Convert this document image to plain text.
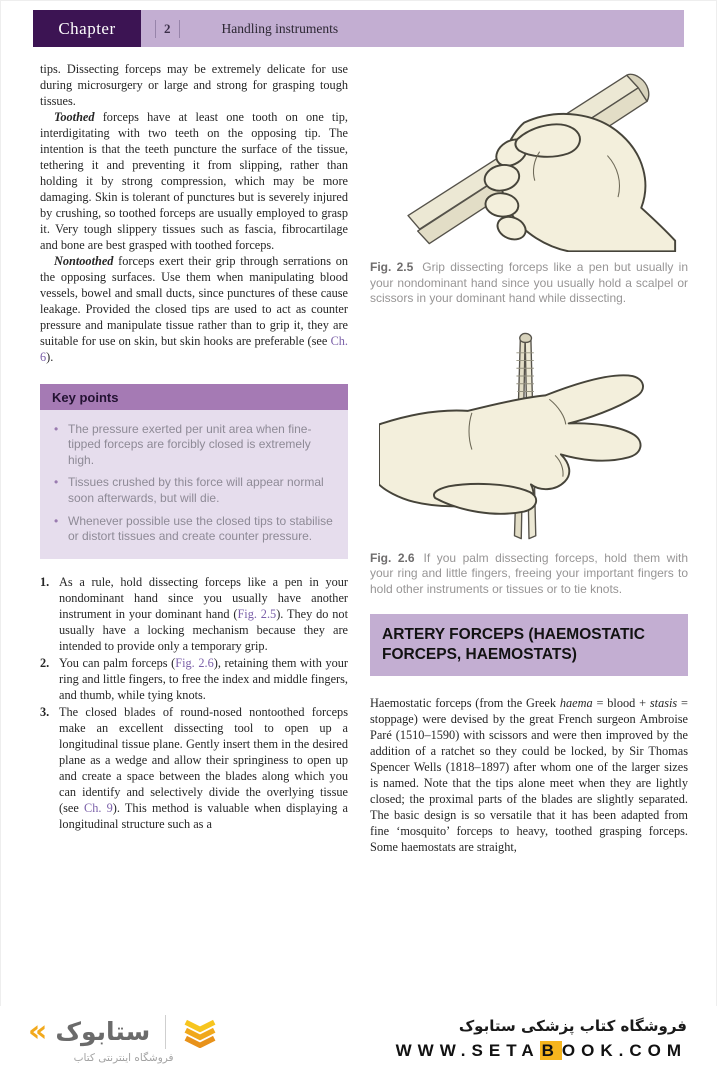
Chapter	2	Handling instruments

tips. Dissecting forceps may be extremely delicate for use during microsurgery or large and strong for grasping tough tissues.

Toothed forceps have at least one tooth on one tip, interdigitating with two teeth on the opposing tip. The intention is that the teeth puncture the surface of the tissue, tethering it and preventing it from slipping, rather than holding it by strong compression, which may be more damaging. Skin is tolerant of punctures but is severely injured by crushing, so toothed forceps are usually employed to grasp it. Very tough slippery tissues such as fascia, fibrocartilage and bone are best grasped with toothed forceps.

Nontoothed forceps exert their grip through serrations on the opposing surfaces. Use them when manipulating blood vessels, bowel and small ducts, since punctures of these cause leakage. Provided the closed tips are used to act as counter pressure and manipulate tissue rather than to grip it, they are suitable for use on skin, but skin hooks are preferable (see Ch. 6).

Key points
• The pressure exerted per unit area when fine-tipped forceps are forcibly closed is extremely high.
• Tissues crushed by this force will appear normal soon afterwards, but will die.
• Whenever possible use the closed tips to stabilise or distort tissues and create counter pressure.
1. As a rule, hold dissecting forceps like a pen in your nondominant hand since you usually have another instrument in your dominant hand (Fig. 2.5). They do not usually have a locking mechanism because they are intended to provide only a temporary grip.
2. You can palm forceps (Fig. 2.6), retaining them with your ring and little fingers, to free the index and middle fingers, and thumb, while tying knots.
3. The closed blades of round-nosed nontoothed forceps make an excellent dissecting tool to open up a longitudinal tissue plane. Gently insert them in the desired plane as a wedge and allow their springiness to open up and create a space between the blades along which you can identify and selectively divide the overlying tissue (see Ch. 9). This method is valuable when displaying a longitudinal structure such as a
Fig. 2.5 Grip dissecting forceps like a pen but usually in your nondominant hand since you usually hold a scalpel or scissors in your dominant hand while dissecting.
Fig. 2.6 If you palm dissecting forceps, hold them with your ring and little fingers, freeing your important fingers to hold other instruments or tissues or to tie knots.
ARTERY FORCEPS (HAEMOSTATIC FORCEPS, HAEMOSTATS)

Haemostatic forceps (from the Greek haema = blood + stasis = stoppage) were devised by the great French surgeon Ambroise Paré (1510–1590) with scissors and were then improved by the addition of a ratchet so they could be locked, by Sir Thomas Spencer Wells (1818–1897) after whom one of the larger sizes is named. Note that the tips alone meet when they are lightly closed; the proximal parts of the blades are slightly separated. The basic design is so versatile that it has been adapted from fine ‘mosquito’ forceps to heavy, toothed grasping forceps. Some haemostats are straight,

« ستابوک
فروشگاه اینترنتی کتاب
فروشگاه کتاب پزشکی ستابوک
WWW.SETA B OOK.COM
